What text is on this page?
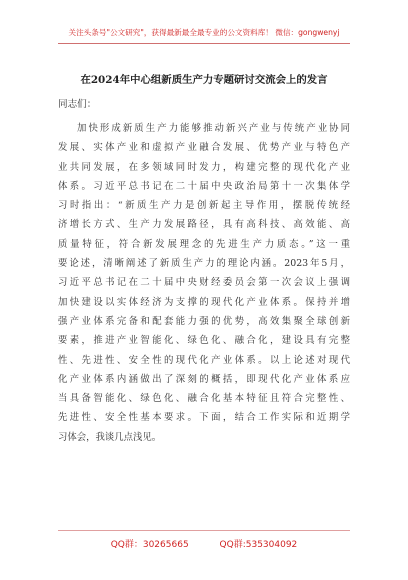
关注头条号"公文研究"，获得最新最全最专业的公文资料库！ 微信：gongwenyj
在2024年中心组新质生产力专题研讨交流会上的发言
同志们：
加快形成新质生产力能够推动新兴产业与传统产业协同
发展、实体产业和虚拟产业融合发展、优势产业与特色产
业共同发展，在多领域同时发力，构建完整的现代化产业
体系。习近平总书记在二十届中央政治局第十一次集体学
习时指出：“新质生产力是创新起主导作用，摆脱传统经
济增长方式、生产力发展路径，具有高科技、高效能、高
质量特征，符合新发展理念的先进生产力质态。”这一重
要论述，清晰阐述了新质生产力的理论内涵。2023年5月，
习近平总书记在二十届中央财经委员会第一次会议上强调
加快建设以实体经济为支撑的现代化产业体系。保持并增
强产业体系完备和配套能力强的优势，高效集聚全球创新
要素，推进产业智能化、绿色化、融合化，建设具有完整
性、先进性、安全性的现代化产业体系。以上论述对现代
化产业体系内涵做出了深刻的概括，即现代化产业体系应
当具备智能化、绿色化、融合化基本特征且符合完整性、
先进性、安全性基本要求。下面，结合工作实际和近期学
习体会，我谈几点浅见。
QQ群：30265665	QQ群:535304092
